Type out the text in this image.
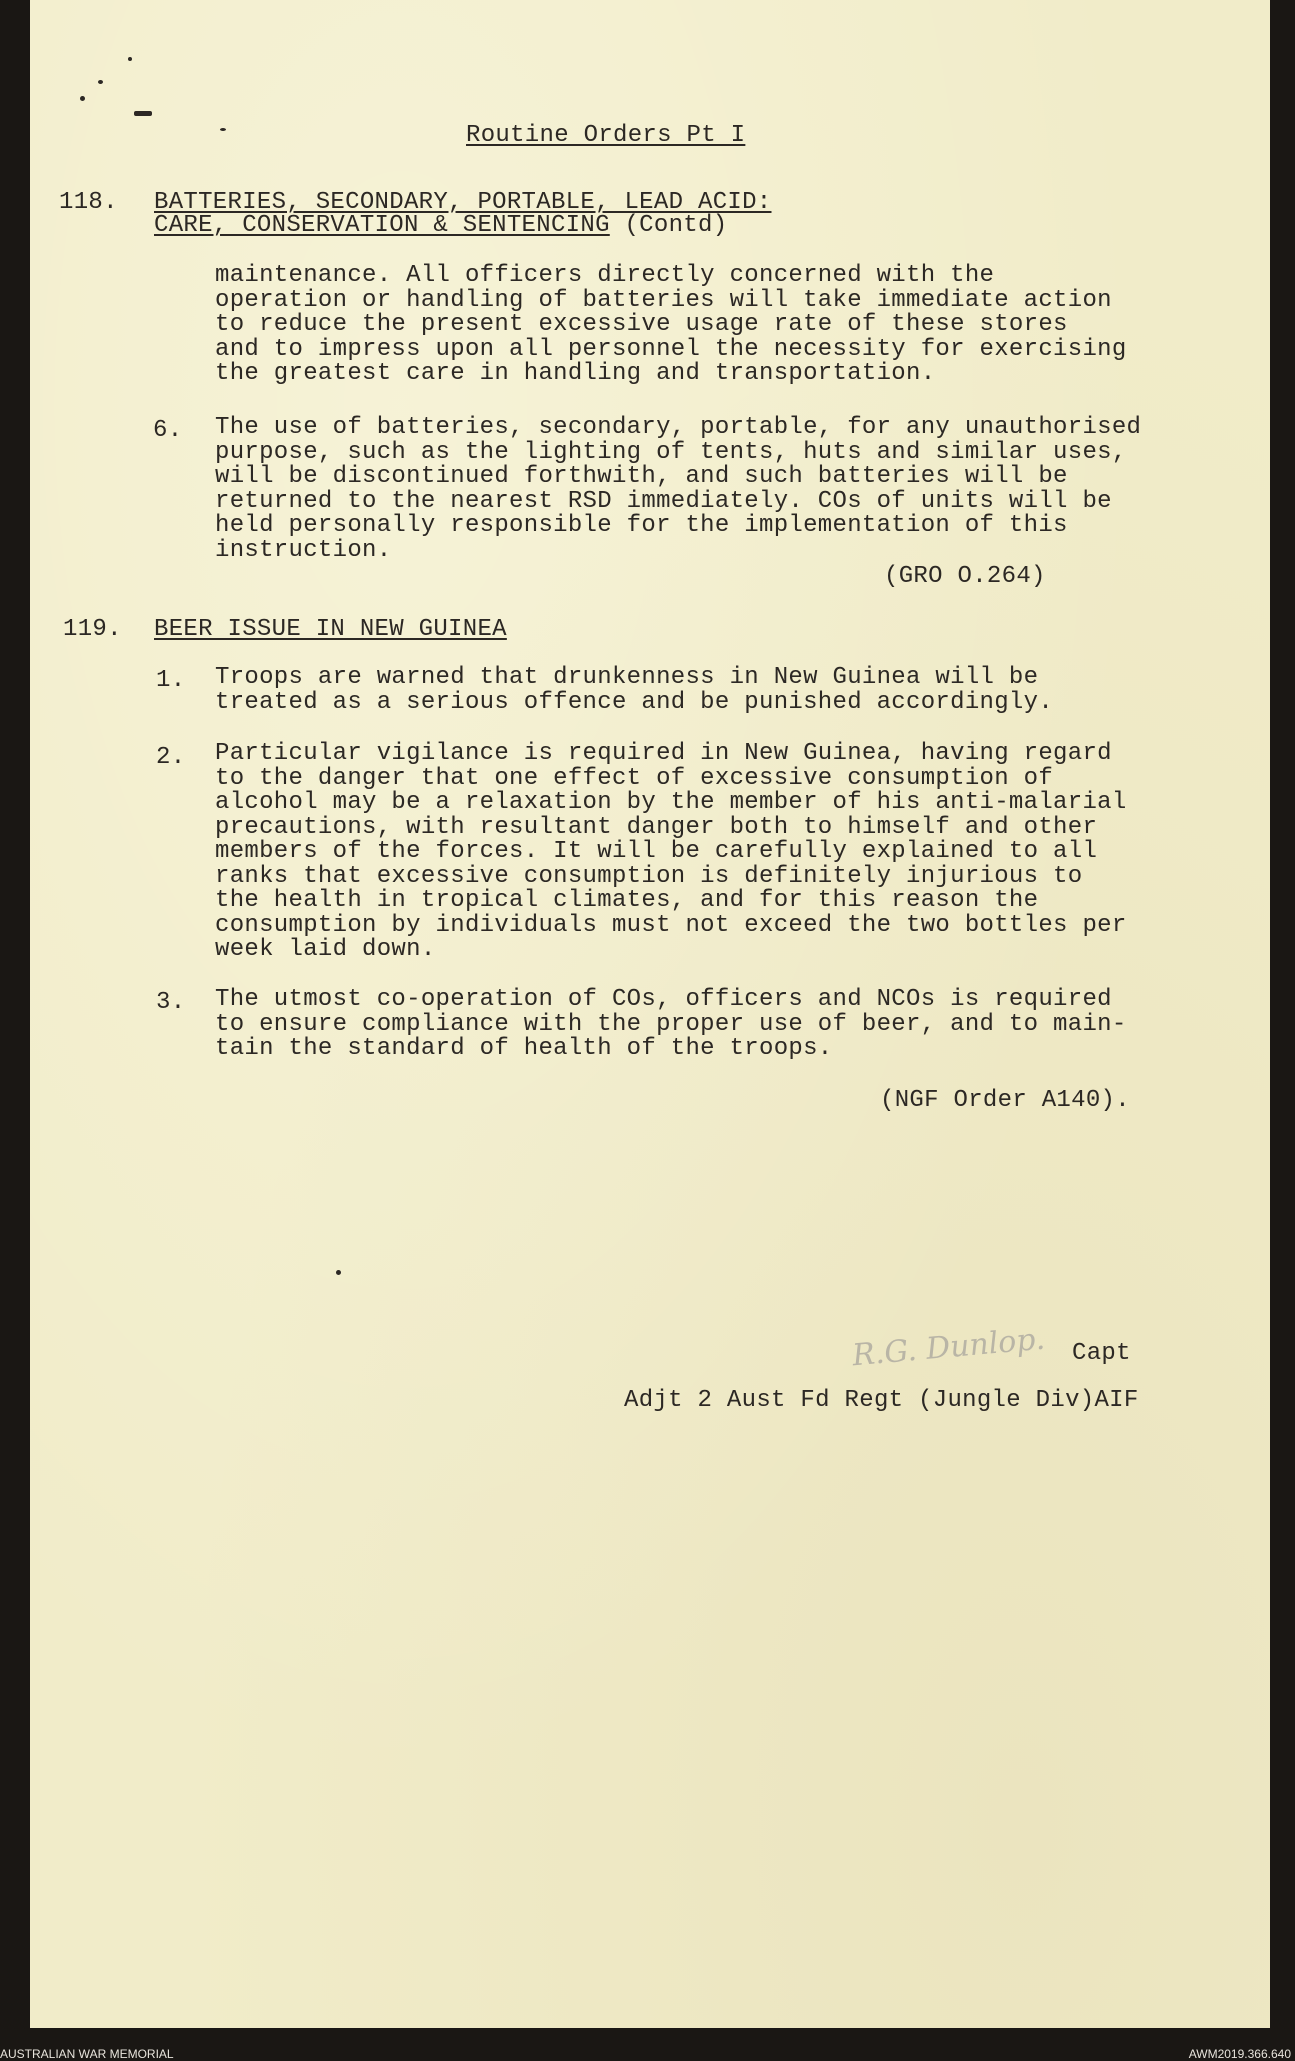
Routine Orders Pt I
118. BATTERIES, SECONDARY, PORTABLE, LEAD ACID:
CARE, CONSERVATION & SENTENCING (Contd)
maintenance. All officers directly concerned with the
operation or handling of batteries will take immediate action
to reduce the present excessive usage rate of these stores
and to impress upon all personnel the necessity for exercising
the greatest care in handling and transportation.
6. The use of batteries, secondary, portable, for any unauthorised
purpose, such as the lighting of tents, huts and similar uses,
will be discontinued forthwith, and such batteries will be
returned to the nearest RSD immediately. COs of units will be
held personally responsible for the implementation of this
instruction.
(GRO O.264)
119. BEER ISSUE IN NEW GUINEA
1. Troops are warned that drunkenness in New Guinea will be
treated as a serious offence and be punished accordingly.
2. Particular vigilance is required in New Guinea, having regard
to the danger that one effect of excessive consumption of
alcohol may be a relaxation by the member of his anti-malarial
precautions, with resultant danger both to himself and other
members of the forces. It will be carefully explained to all
ranks that excessive consumption is definitely injurious to
the health in tropical climates, and for this reason the
consumption by individuals must not exceed the two bottles per
week laid down.
3. The utmost co-operation of COs, officers and NCOs is required
to ensure compliance with the proper use of beer, and to main-
tain the standard of health of the troops.
(NGF Order A140).
R.G. Dunlop. Capt
Adjt 2 Aust Fd Regt (Jungle Div)AIF
AUSTRALIAN WAR MEMORIAL	AWM2019.366.640
